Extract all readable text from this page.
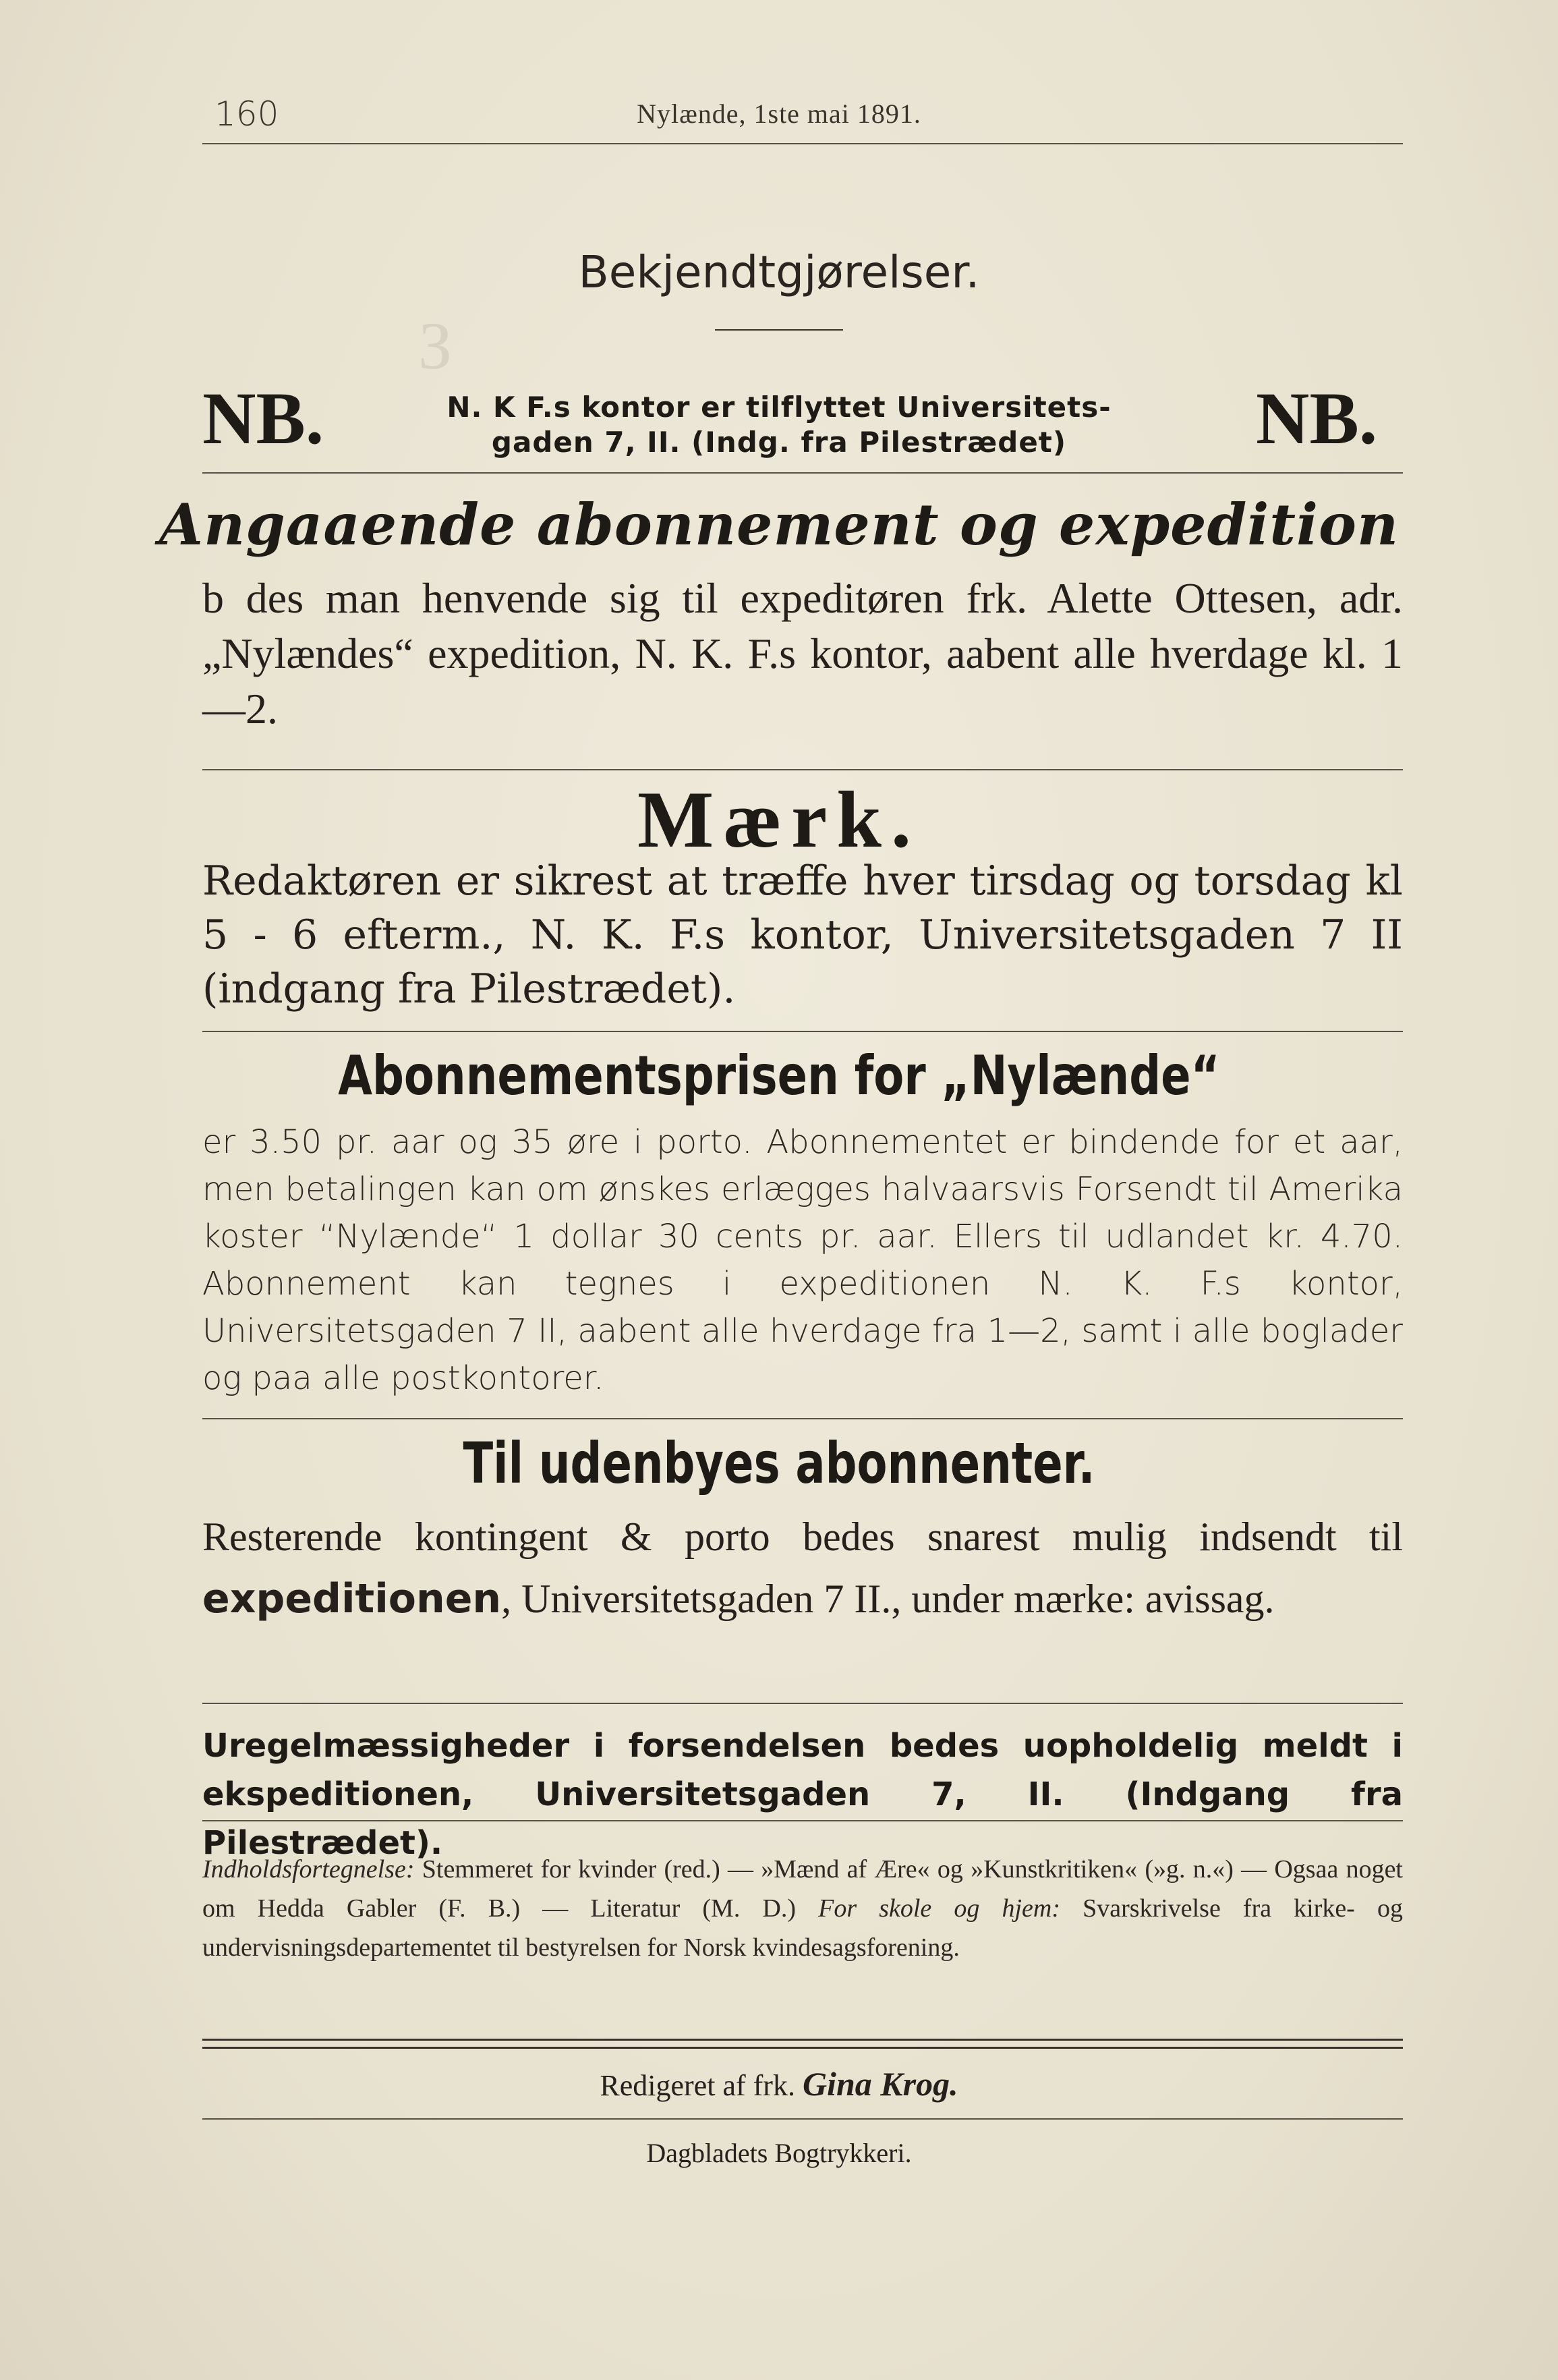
Ɛ
160	Nylænde, 1ste mai 1891.
Bekjendtgjørelser.
NB.	NB.
N. K F.s kontor er tilflyttet Universitets-
gaden 7, II. (Indg. fra Pilestrædet)
Angaaende abonnement og expedition
b des man henvende sig til expeditøren frk. Alette Ottesen, adr. „Nylændes“ expedition, N. K. F.s kontor, aabent alle hverdage kl. 1—2.
Mærk.
Redaktøren er sikrest at træffe hver tirsdag og torsdag kl 5 - 6 efterm., N. K. F.s kontor, Universitetsgaden 7 II (indgang fra Pilestrædet).
Abonnementsprisen for „Nylænde“
er 3.50 pr. aar og 35 øre i porto. Abonnementet er bindende for et aar, men betalingen kan om ønskes erlægges halvaarsvis Forsendt til Amerika koster “Nylænde“ 1 dollar 30 cents pr. aar. Ellers til udlandet kr. 4.70. Abonnement kan tegnes i expeditionen N. K. F.s kontor, Universitetsgaden 7 II, aabent alle hverdage fra 1—2, samt i alle boglader og paa alle postkontorer.
Til udenbyes abonnenter.
Resterende kontingent & porto bedes snarest mulig indsendt til expeditionen, Universitetsgaden 7 II., under mærke: avissag.
Uregelmæssigheder i forsendelsen bedes uopholdelig meldt i ekspeditionen, Universitetsgaden 7, II. (Indgang fra Pilestrædet).
Indholdsfortegnelse: Stemmeret for kvinder (red.) — »Mænd af Ære« og »Kunstkritiken« (»g. n.«) — Ogsaa noget om Hedda Gabler (F. B.) — Literatur (M. D.) For skole og hjem: Svarskrivelse fra kirke- og undervisningsdepartementet til bestyrelsen for Norsk kvindesagsforening.
Redigeret af frk. Gina Krog.
Dagbladets Bogtrykkeri.
